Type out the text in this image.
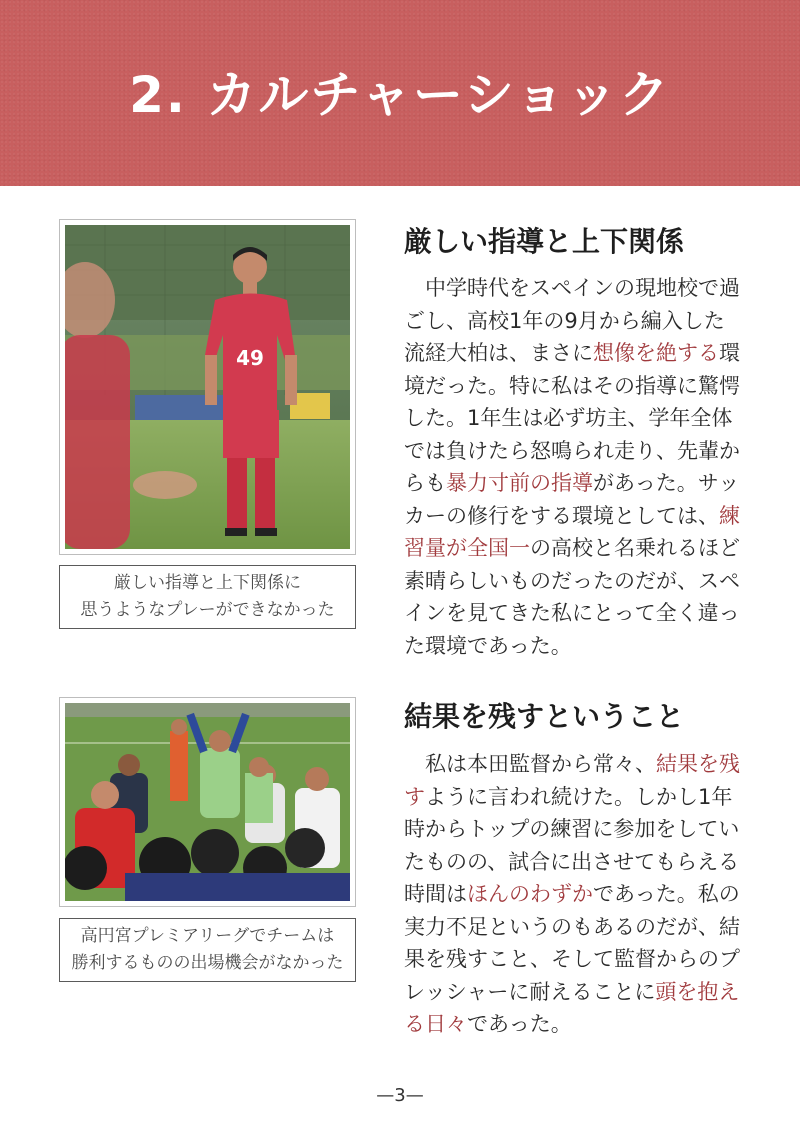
2. カルチャーショック
49
厳しい指導と上下関係に
思うようなプレーができなかった
厳しい指導と上下関係
　中学時代をスペインの現地校で過
ごし、高校1年の9月から編入した
流経大柏は、まさに想像を絶する環
境だった。特に私はその指導に驚愕
した。1年生は必ず坊主、学年全体
では負けたら怒鳴られ走り、先輩か
らも暴力寸前の指導があった。サッ
カーの修行をする環境としては、練
習量が全国一の高校と名乗れるほど
素晴らしいものだったのだが、スペ
インを見てきた私にとって全く違っ
た環境であった。
高円宮プレミアリーグでチームは
勝利するものの出場機会がなかった
結果を残すということ
　私は本田監督から常々、結果を残
すように言われ続けた。しかし1年
時からトップの練習に参加をしてい
たものの、試合に出させてもらえる
時間はほんのわずかであった。私の
実力不足というのもあるのだが、結
果を残すこと、そして監督からのプ
レッシャーに耐えることに頭を抱え
る日々であった。
—3—
